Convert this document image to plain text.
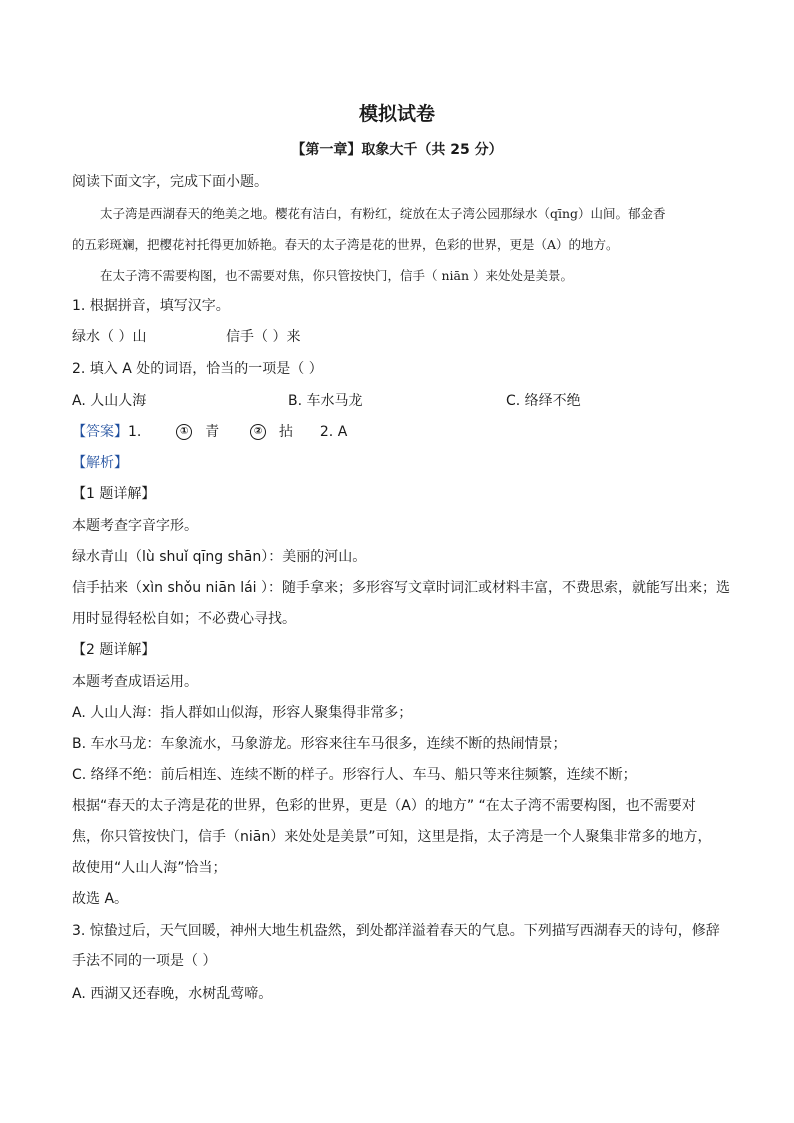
模拟试卷
【第一章】取象大千（共 25 分）
阅读下面文字，完成下面小题。
太子湾是西湖春天的绝美之地。樱花有洁白，有粉红，绽放在太子湾公园那绿水（qīng）山间。郁金香
的五彩斑斓，把樱花衬托得更加娇艳。春天的太子湾是花的世界，色彩的世界，更是（A）的地方。
在太子湾不需要构图，也不需要对焦，你只管按快门，信手（ niān ）来处处是美景。
1. 根据拼音，填写汉字。
绿水（ ）山	信手（ ）来
2. 填入 A 处的词语，恰当的一项是（ ）
A. 人山人海	B. 车水马龙	C. 络绎不绝
【答案】1.	① 青	② 拈 2. A
【解析】
【1 题详解】
本题考查字音字形。
绿水青山（lù shuǐ qīng shān）：美丽的河山。
信手拈来（xìn shǒu niān lái ）：随手拿来；多形容写文章时词汇或材料丰富，不费思索，就能写出来；选
用时显得轻松自如；不必费心寻找。
【2 题详解】
本题考查成语运用。
A. 人山人海：指人群如山似海，形容人聚集得非常多；
B. 车水马龙：车象流水，马象游龙。形容来往车马很多，连续不断的热闹情景；
C. 络绎不绝：前后相连、连续不断的样子。形容行人、车马、船只等来往频繁，连续不断；
根据“春天的太子湾是花的世界，色彩的世界，更是（A）的地方” “在太子湾不需要构图，也不需要对
焦，你只管按快门，信手（niān）来处处是美景”可知，这里是指，太子湾是一个人聚集非常多的地方，
故使用“人山人海”恰当；
故选 A。
3. 惊蛰过后，天气回暖，神州大地生机盎然，到处都洋溢着春天的气息。下列描写西湖春天的诗句，修辞
手法不同的一项是（ ）
A. 西湖又还春晚，水树乱莺啼。
